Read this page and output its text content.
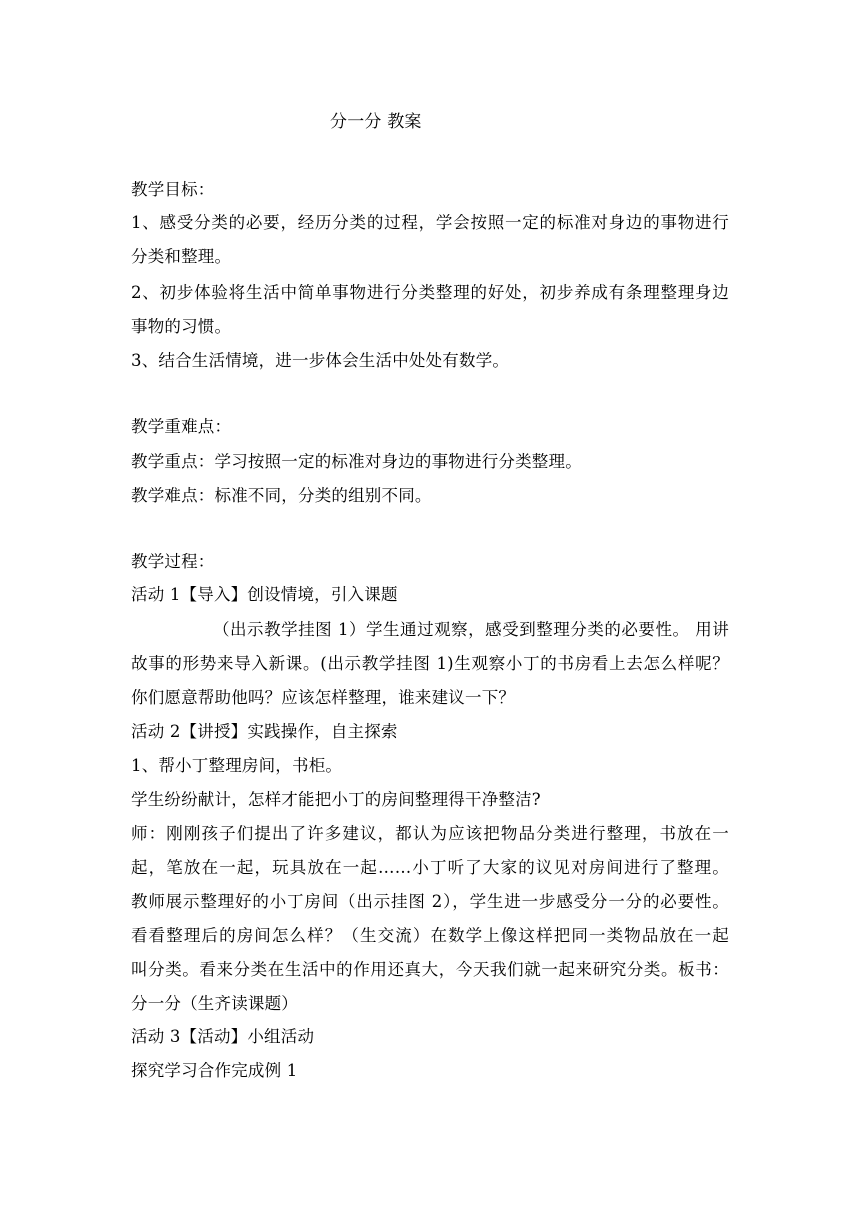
分一分 教案
教学目标：
1、感受分类的必要，经历分类的过程，学会按照一定的标准对身边的事物进行
分类和整理。
2、初步体验将生活中简单事物进行分类整理的好处，初步养成有条理整理身边
事物的习惯。
3、结合生活情境，进一步体会生活中处处有数学。
教学重难点：
教学重点：学习按照一定的标准对身边的事物进行分类整理。
教学难点：标准不同，分类的组别不同。
教学过程：
活动 1【导入】创设情境，引入课题
（出示教学挂图 1）学生通过观察，感受到整理分类的必要性。 用讲
故事的形势来导入新课。(出示教学挂图 1)生观察小丁的书房看上去怎么样呢？
你们愿意帮助他吗？应该怎样整理，谁来建议一下？
活动 2【讲授】实践操作，自主探索
1、帮小丁整理房间，书柜。
学生纷纷献计，怎样才能把小丁的房间整理得干净整洁?
师：刚刚孩子们提出了许多建议，都认为应该把物品分类进行整理，书放在一
起，笔放在一起，玩具放在一起……小丁听了大家的议见对房间进行了整理。
教师展示整理好的小丁房间（出示挂图 2），学生进一步感受分一分的必要性。
看看整理后的房间怎么样？（生交流）在数学上像这样把同一类物品放在一起
叫分类。看来分类在生活中的作用还真大，今天我们就一起来研究分类。板书：
分一分（生齐读课题）
活动 3【活动】小组活动
探究学习合作完成例 1
